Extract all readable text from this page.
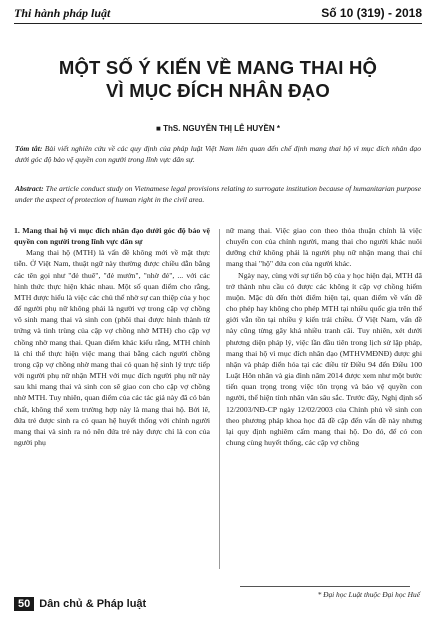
Thi hành pháp luật	Số 10 (319) - 2018
MỘT SỐ Ý KIẾN VỀ MANG THAI HỘ
VÌ MỤC ĐÍCH NHÂN ĐẠO
■ ThS. NGUYỄN THỊ LÊ HUYỀN *
Tóm tắt: Bài viết nghiên cứu về các quy định của pháp luật Việt Nam liên quan đến chế định mang thai hộ vì mục đích nhân đạo dưới góc độ bảo vệ quyền con người trong lĩnh vực dân sự.
Abstract: The article conduct study on Vietnamese legal provisions relating to surrogate institution because of humanitarian purpose under the aspect of protection of human right in the civil area.

1. Mang thai hộ vì mục đích nhân đạo dưới góc độ bảo vệ quyền con người trong lĩnh vực dân sự

Mang thai hộ (MTH) là vấn đề không mới về mặt thực tiễn. Ở Việt Nam, thuật ngữ này thường được chiều dẫn bằng các tên gọi như "đẻ thuê", "đẻ mướn", "nhờ đẻ", ... với các hình thức thực hiện khác nhau. Một số quan điểm cho rằng, MTH được hiểu là việc các chủ thể nhờ sự can thiệp của y học để người phụ nữ không phải là người vợ trong cặp vợ chồng vô sinh mang thai và sinh con (phôi thai được hình thành từ trứng và tinh trùng của cặp vợ chồng nhờ MTH) cho cặp vợ chồng nhờ mang thai. Quan điểm khác kiểu rằng, MTH chính là chỉ thể thực hiện việc mang thai bằng cách người chồng trong cặp vợ chồng nhờ mang thai có quan hệ sinh lý trực tiếp với người phụ nữ nhận MTH với mục đích người phụ nữ này sau khi mang thai và sinh con sẽ giao con cho cặp vợ chồng nhờ MTH. Tuy nhiên, quan điểm của các tác giả này đã có bản chất, không thể xem trường hợp này là mang thai hộ. Bởi lẽ, đứa trẻ được sinh ra có quan hệ huyết thống với chính người mang thai và sinh ra nó nên đứa trẻ này được chỉ là con của người phụ

nữ mang thai. Việc giao con theo thỏa thuận chính là việc chuyển con của chính người, mang thai cho người khác nuôi dưỡng chứ không phải là người phụ nữ nhận mang thai chỉ mang thai "hộ" đứa con của người khác.

Ngày nay, cùng với sự tiến bộ của y học hiện đại, MTH đã trở thành nhu cầu có được các không ít cặp vợ chồng hiếm muộn. Mặc dù đến thời điểm hiện tại, quan điểm về vấn đề cho phép hay không cho phép MTH tại nhiều quốc gia trên thế giới vẫn tồn tại nhiều ý kiến trái chiều. Ở Việt Nam, vấn đề này cũng từng gây khá nhiều tranh cãi. Tuy nhiên, xét dưới phương diện pháp lý, việc lần đầu tiên trong lịch sử lập pháp, mang thai hộ vì mục đích nhân đạo (MTHVMĐNĐ) được ghi nhận và pháp điển hóa tại các điều từ Điều 94 đến Điều 100 Luật Hôn nhân và gia đình năm 2014 được xem như một bước tiến quan trọng trong việc tôn trọng và bảo vệ quyền con người, thể hiện tính nhân văn sâu sắc. Trước đây, Nghị định số 12/2003/NĐ-CP ngày 12/02/2003 của Chính phủ về sinh con theo phương pháp khoa học đã đề cập đến vấn đề này nhưng lại quy định nghiêm cấm mang thai hộ. Do đó, để có con chung cùng huyết thống, các cặp vợ chồng

* Đại học Luật thuộc Đại học Huế
50 Dân chủ & Pháp luật
